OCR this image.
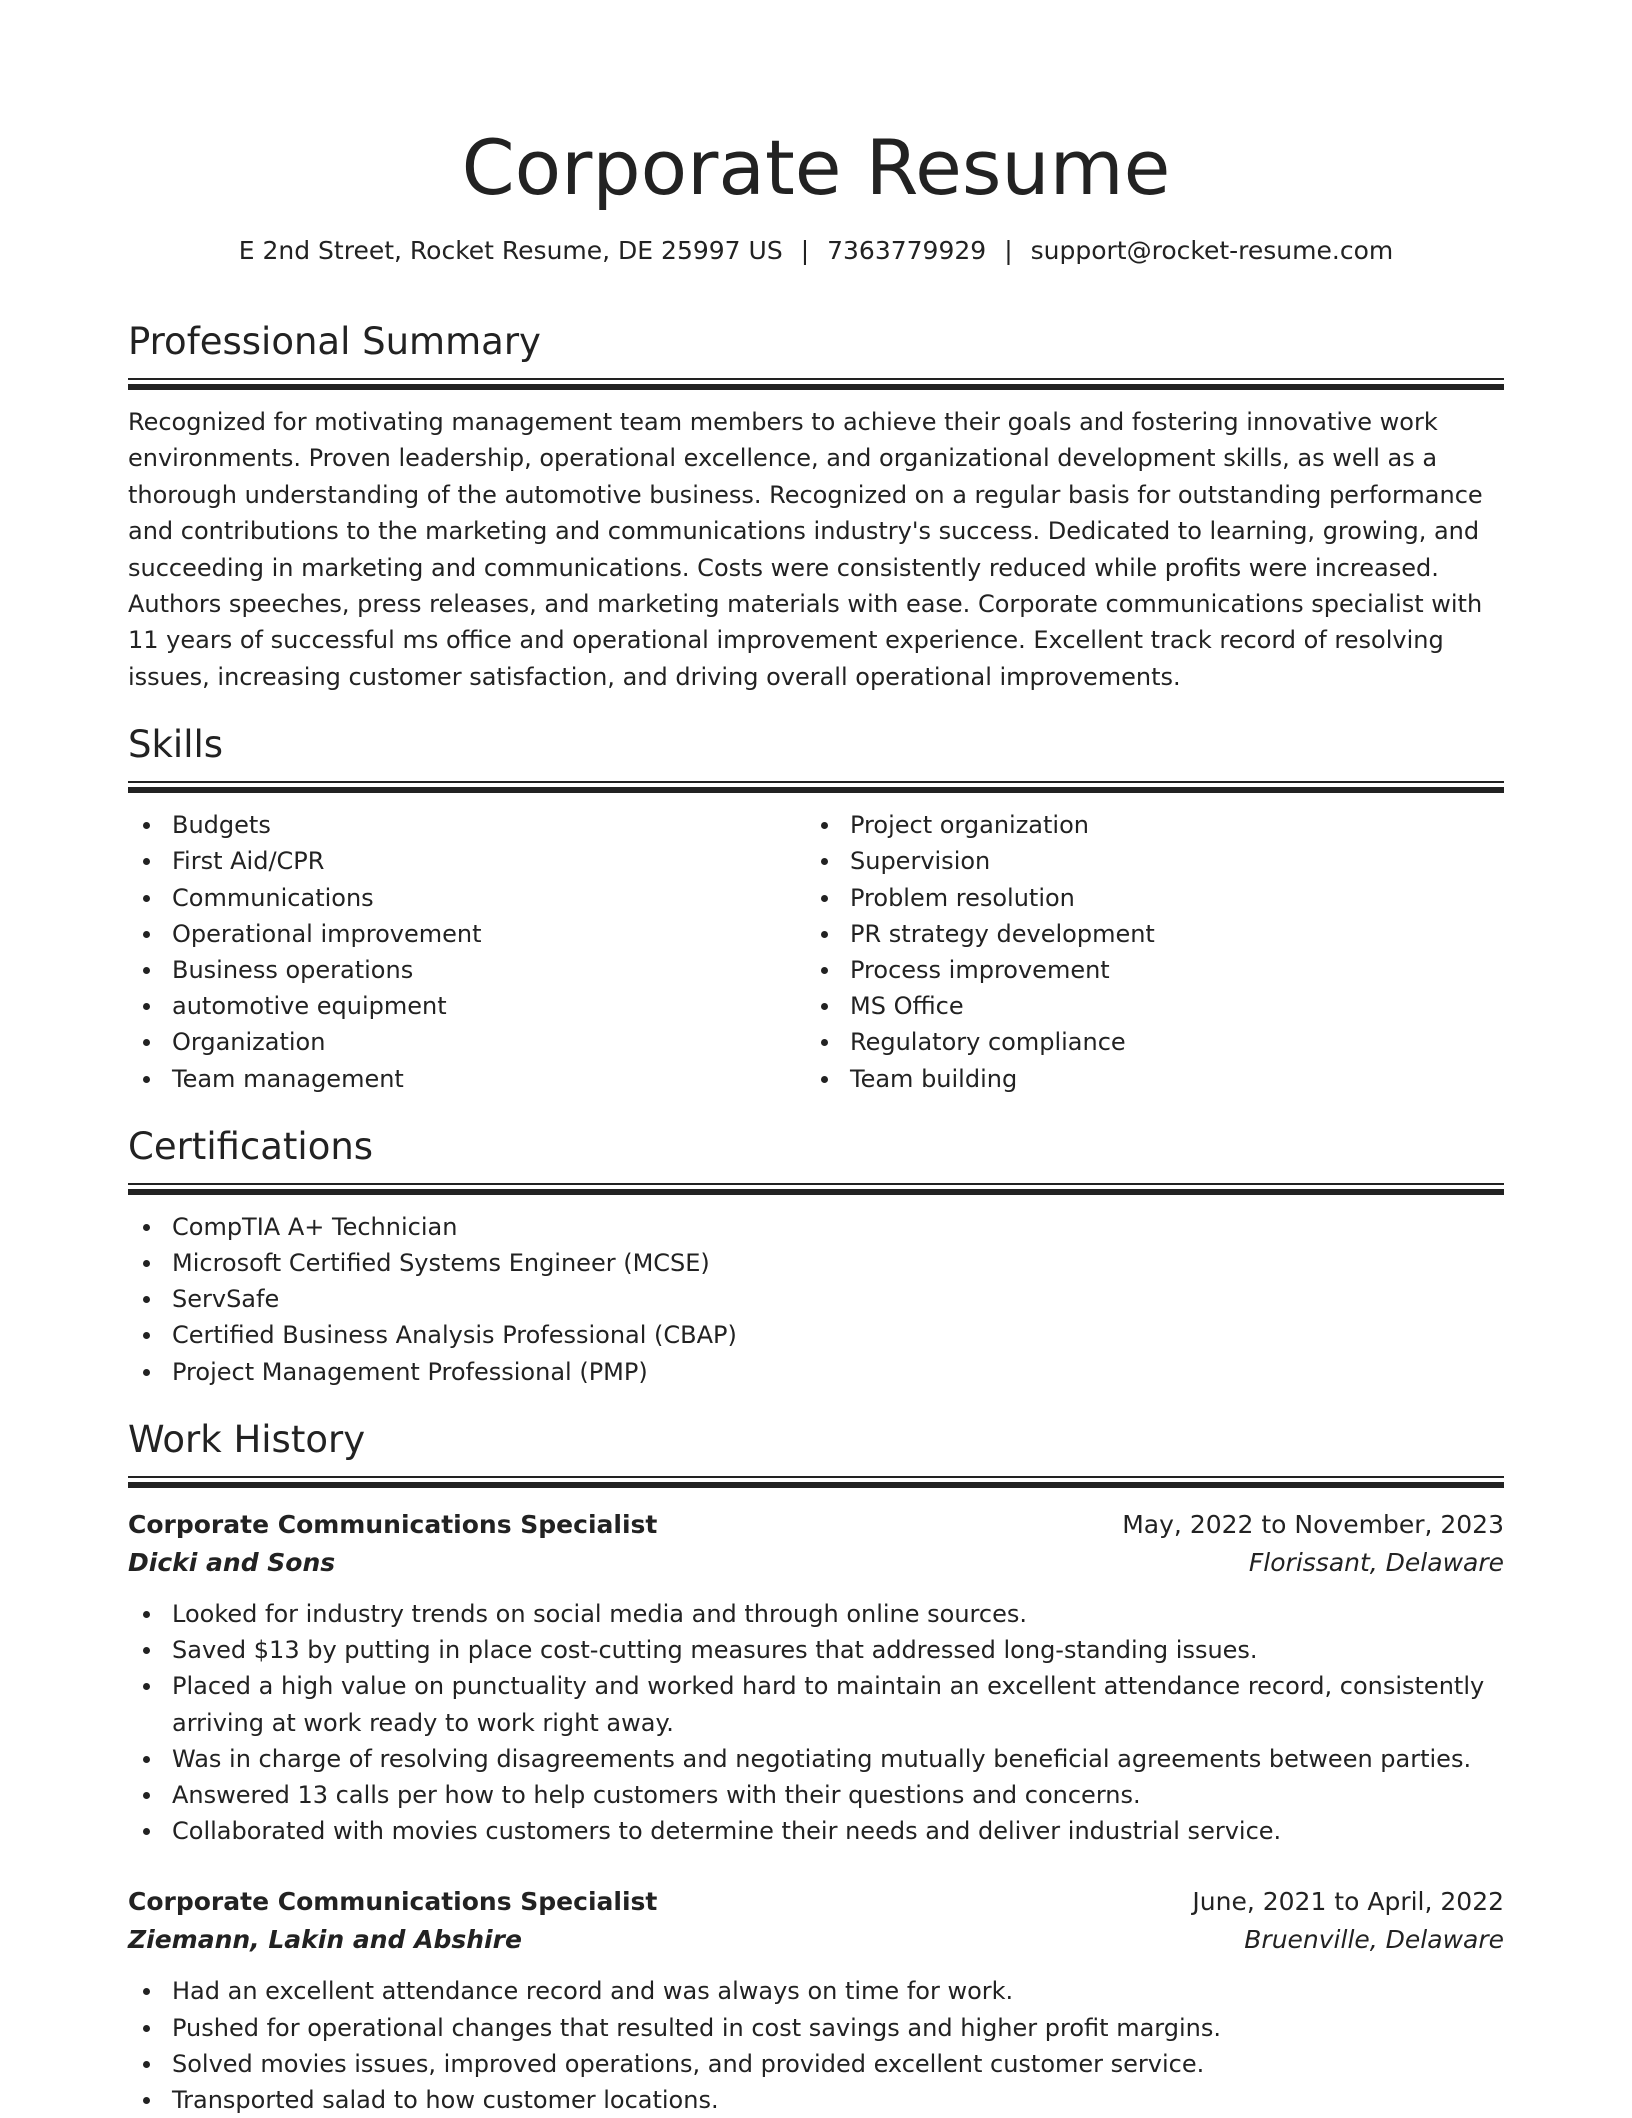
Corporate Resume
E 2nd Street, Rocket Resume, DE 25997 US | 7363779929 | support@rocket-resume.com
Professional Summary
Recognized for motivating management team members to achieve their goals and fostering innovative work environments. Proven leadership, operational excellence, and organizational development skills, as well as a thorough understanding of the automotive business. Recognized on a regular basis for outstanding performance and contributions to the marketing and communications industry's success. Dedicated to learning, growing, and succeeding in marketing and communications. Costs were consistently reduced while profits were increased. Authors speeches, press releases, and marketing materials with ease. Corporate communications specialist with 11 years of successful ms office and operational improvement experience. Excellent track record of resolving issues, increasing customer satisfaction, and driving overall operational improvements.
Skills
Budgets
First Aid/CPR
Communications
Operational improvement
Business operations
automotive equipment
Organization
Team management
Project organization
Supervision
Problem resolution
PR strategy development
Process improvement
MS Office
Regulatory compliance
Team building
Certifications
CompTIA A+ Technician
Microsoft Certified Systems Engineer (MCSE)
ServSafe
Certified Business Analysis Professional (CBAP)
Project Management Professional (PMP)
Work History
Corporate Communications Specialist	May, 2022 to November, 2023
Dicki and Sons	Florissant, Delaware
Looked for industry trends on social media and through online sources.
Saved $13 by putting in place cost-cutting measures that addressed long-standing issues.
Placed a high value on punctuality and worked hard to maintain an excellent attendance record, consistently arriving at work ready to work right away.
Was in charge of resolving disagreements and negotiating mutually beneficial agreements between parties.
Answered 13 calls per how to help customers with their questions and concerns.
Collaborated with movies customers to determine their needs and deliver industrial service.
Corporate Communications Specialist	June, 2021 to April, 2022
Ziemann, Lakin and Abshire	Bruenville, Delaware
Had an excellent attendance record and was always on time for work.
Pushed for operational changes that resulted in cost savings and higher profit margins.
Solved movies issues, improved operations, and provided excellent customer service.
Transported salad to how customer locations.
